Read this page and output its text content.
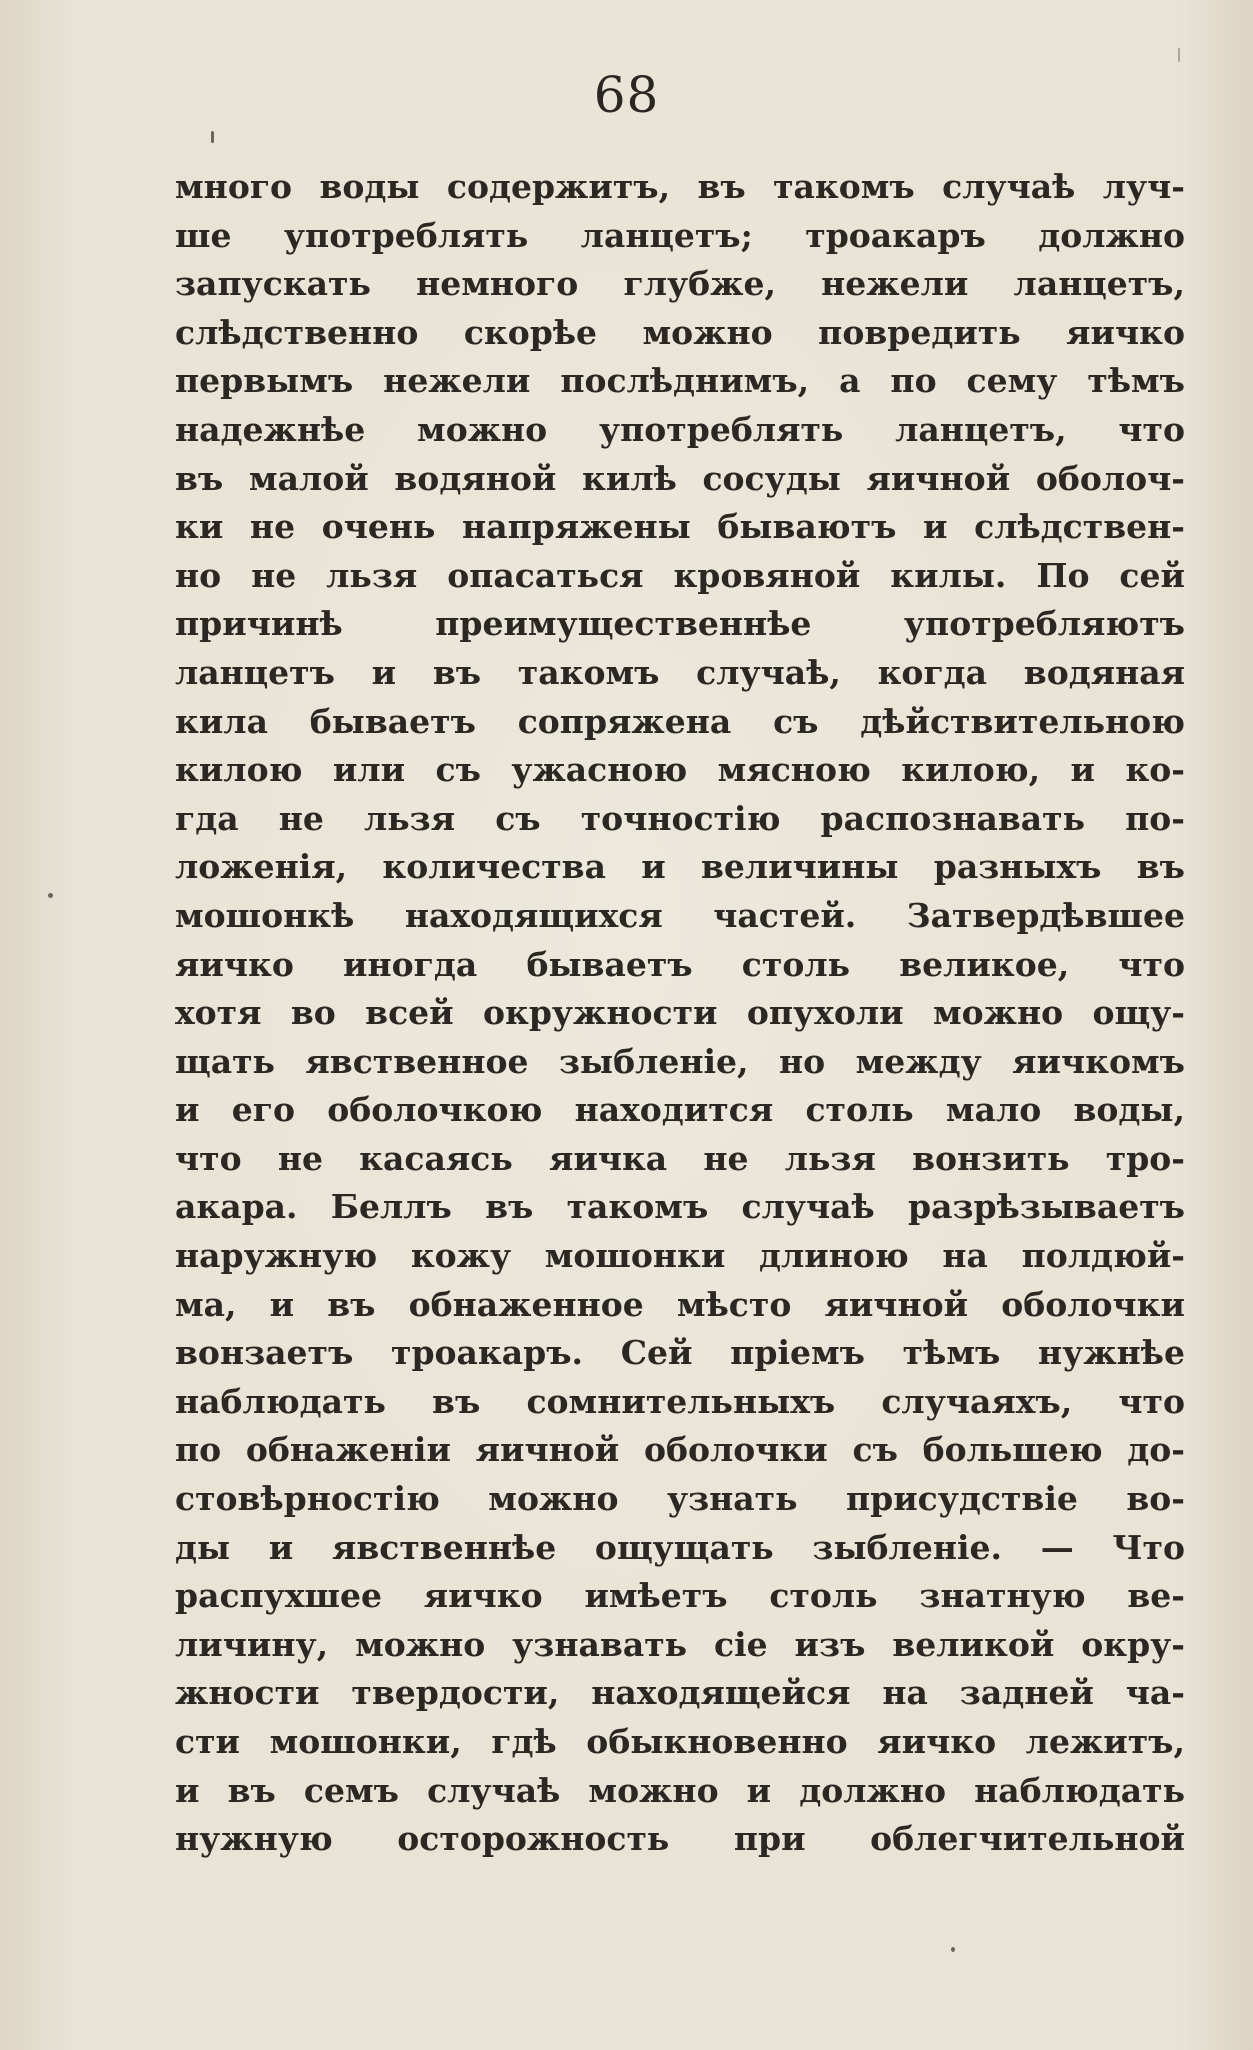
68
много воды содержитъ, въ такомъ случаѣ луч-
ше употреблять ланцетъ; троакаръ должно
запускать немного глубже, нежели ланцетъ,
слѣдственно скорѣе можно повредить яичко
первымъ нежели послѣднимъ, а по сему тѣмъ
надежнѣе можно употреблять ланцетъ, что
въ малой водяной килѣ сосуды яичной оболоч-
ки не очень напряжены бываютъ и слѣдствен-
но не льзя опасаться кровяной килы. По сей
причинѣ преимущественнѣе употребляютъ
ланцетъ и въ такомъ случаѣ, когда водяная
кила бываетъ сопряжена съ дѣйствительною
килою или съ ужасною мясною килою, и ко-
гда не льзя съ точностію распознавать по-
ложенія, количества и величины разныхъ въ
мошонкѣ находящихся частей. Затвердѣвшее
яичко иногда бываетъ столь великое, что
хотя во всей окружности опухоли можно ощу-
щать явственное зыбленіе, но между яичкомъ
и его оболочкою находится столь мало воды,
что не касаясь яичка не льзя вонзить тро-
акара. Беллъ въ такомъ случаѣ разрѣзываетъ
наружную кожу мошонки длиною на полдюй-
ма, и въ обнаженное мѣсто яичной оболочки
вонзаетъ троакаръ. Сей пріемъ тѣмъ нужнѣе
наблюдать въ сомнительныхъ случаяхъ, что
по обнаженіи яичной оболочки съ большею до-
стовѣрностію можно узнать присудствіе во-
ды и явственнѣе ощущать зыбленіе. — Что
распухшее яичко имѣетъ столь знатную ве-
личину, можно узнавать сіе изъ великой окру-
жности твердости, находящейся на задней ча-
сти мошонки, гдѣ обыкновенно яичко лежитъ,
и въ семъ случаѣ можно и должно наблюдать
нужную осторожность при облегчительной
